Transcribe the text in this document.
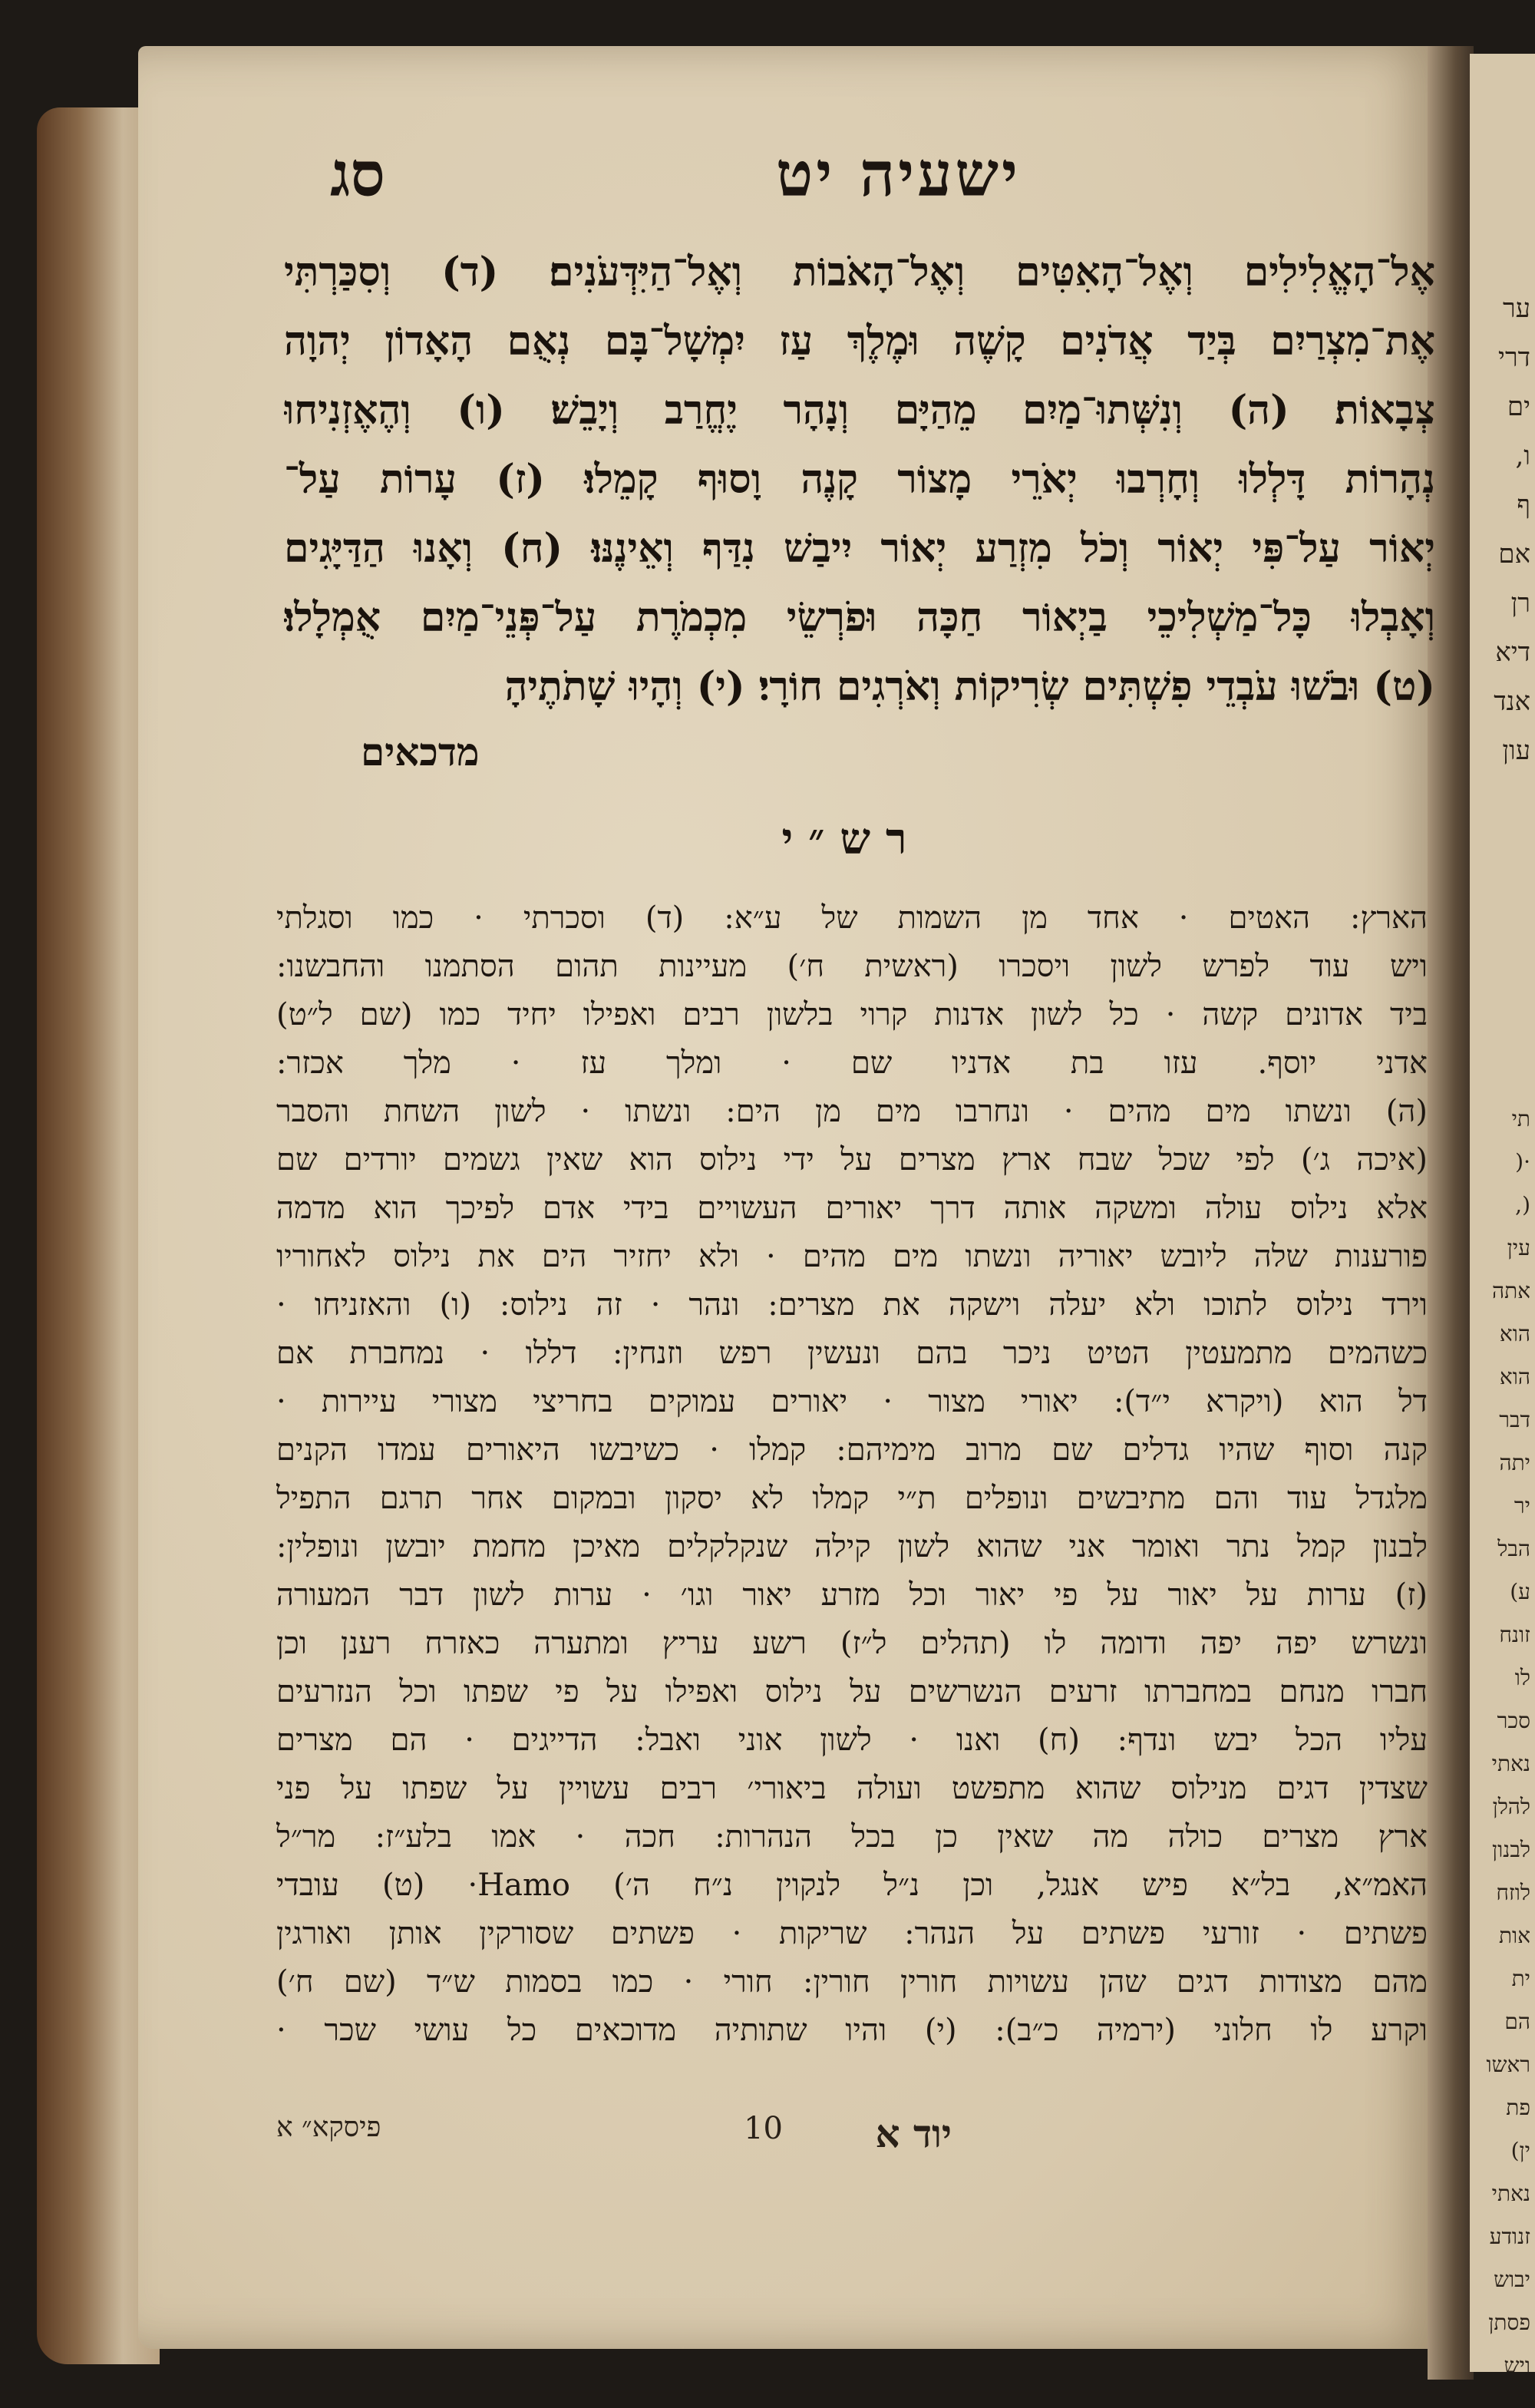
ער
דרי
ים
ו,
ף
אם
רן
דיא
אנד
עון
תי
·(
(,
עין
אתה
הוא
הוא
דבר
יתה
יר
הבל
ע)
זונח
לו
סכר
נאתי
להלן
לבנון
לוזח
אות
ית
הם
ראשו
פת
ין)
נאתי
זנודע
יבוש
פסתן
ויש
ישעיה יט
סג
אֶל־הָאֱלִילִים וְאֶל־הָאִטִּים וְאֶל־הָאֹבוֹת וְאֶל־הַיִּדְּעֹנִים׃ (ד) וְסִכַּרְתִּי
אֶת־מִצְרַיִם בְּיַד אֲדֹנִים קָשֶׁה וּמֶלֶךְ עַז יִמְשָׁל־בָּם נְאֻם הָאָדוֹן יְהוָה
צְבָאוֹת׃ (ה) וְנִשְּׁתוּ־מַיִם מֵהַיָּם וְנָהָר יֶחֱרַב וְיָבֵשׁ׃ (ו) וְהֶאֶזְנִיחוּ
נְהָרוֹת דָּלְלוּ וְחָרְבוּ יְאֹרֵי מָצוֹר קָנֶה וָסוּף קָמֵלוּ׃ (ז) עָרוֹת עַל־
יְאוֹר עַל־פִּי יְאוֹר וְכֹל מִזְרַע יְאוֹר יִיבַשׁ נִדַּף וְאֵינֶנּוּ׃ (ח) וְאָנוּ הַדַּיָּגִים
וְאָבְלוּ כָּל־מַשְׁלִיכֵי בַיְאוֹר חַכָּה וּפֹרְשֵׂי מִכְמֹרֶת עַל־פְּנֵי־מַיִם אֻמְלָלוּ׃
(ט) וּבֹשׁוּ עֹבְדֵי פִשְׁתִּים שְׂרִיקוֹת וְאֹרְגִים חוֹרָי׃ (י) וְהָיוּ שָׁתֹתֶיהָ
מדכאים
רש״י
הארץ: האטים · אחד מן השמות של ע״א: (ד) וסכרתי · כמו וסגלתי
ויש עוד לפרש לשון ויסכרו (ראשית ח׳) מעיינות תהום הסתמנו והחבשנו:
ביד אדונים קשה · כל לשון אדנות קרוי בלשון רבים ואפילו יחיד כמו (שם ל״ט)
אדני יוסף. עזו בת אדניו שם · ומלך עז · מלך אכזר:
(ה) ונשתו מים מהים · ונחרבו מים מן הים: ונשתו · לשון השחת והסבר
(איכה ג׳) לפי שכל שבח ארץ מצרים על ידי נילוס הוא שאין גשמים יורדים שם
אלא נילוס עולה ומשקה אותה דרך יאורים העשויים בידי אדם לפיכך הוא מדמה
פורענות שלה ליובש יאוריה ונשתו מים מהים · ולא יחזיר הים את נילוס לאחוריו
וירד נילוס לתוכו ולא יעלה וישקה את מצרים: ונהר · זה נילוס: (ו) והאזניחו ·
כשהמים מתמעטין הטיט ניכר בהם ונעשין רפש וזנחין: דללו · נמחברת אם
דל הוא (ויקרא י״ד): יאורי מצור · יאורים עמוקים בחריצי מצורי עיירות ·
קנה וסוף שהיו גדלים שם מרוב מימיהם: קמלו · כשיבשו היאורים עמדו הקנים
מלגדל עוד והם מתיבשים ונופלים ת״י קמלו לא יסקון ובמקום אחר תרגם התפיל
לבנון קמל נתר ואומר אני שהוא לשון קילה שנקלקלים מאיכן מחמת יובשן ונופלין:
(ז) ערות על יאור על פי יאור וכל מזרע יאור וגו׳ · ערות לשון דבר המעורה
ונשרש יפה יפה ודומה לו (תהלים ל״ז) רשע עריץ ומתערה כאזרח רענן וכן
חברו מנחם במחברתו זרעים הנשרשים על נילוס ואפילו על פי שפתו וכל הנזרעים
עליו הכל יבש ונדף: (ח) ואנו · לשון אוני ואבל: הדייגים · הם מצרים
שצדין דגים מנילוס שהוא מתפשט ועולה ביאורי׳ רבים עשויין על שפתו על פני
ארץ מצרים כולה מה שאין כן בכל הנהרות: חכה · אמו בלע״ז: מר״ל
האמ״א, בל״א פיש אנגל, וכן נ״ל לנקוין נ״ח ה׳) Hamo· (ט) עובדי
פשתים · זורעי פשתים על הנהר: שריקות · פשתים שסורקין אותן ואורגין
מהם מצודות דגים שהן עשויות חורין חורין: חורי · כמו בסמות ש״ד (שם ח׳)
וקרע לו חלוני (ירמיה כ״ב): (י) והיו שתותיה מדוכאים כל עושי שכר ·
יוד א
10
פיסקא״ א
